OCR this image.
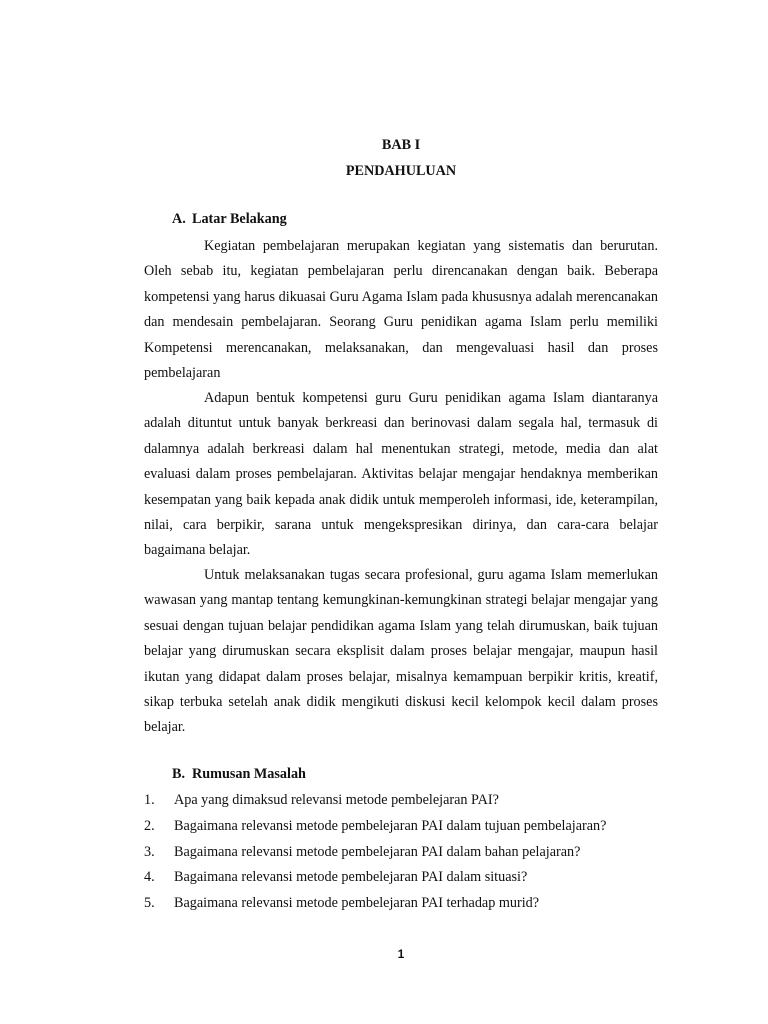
BAB I
PENDAHULUAN
A. Latar Belakang

Kegiatan pembelajaran merupakan kegiatan yang sistematis dan berurutan. Oleh sebab itu, kegiatan pembelajaran perlu direncanakan dengan baik. Beberapa kompetensi yang harus dikuasai Guru Agama Islam pada khususnya adalah merencanakan dan mendesain pembelajaran. Seorang Guru penidikan agama Islam perlu memiliki Kompetensi merencanakan, melaksanakan, dan mengevaluasi hasil dan proses pembelajaran

Adapun bentuk kompetensi guru Guru penidikan agama Islam diantaranya adalah dituntut untuk banyak berkreasi dan berinovasi dalam segala hal, termasuk di dalamnya adalah berkreasi dalam hal menentukan strategi, metode, media dan alat evaluasi dalam proses pembelajaran. Aktivitas belajar mengajar hendaknya memberikan kesempatan yang baik kepada anak didik untuk memperoleh informasi, ide, keterampilan, nilai, cara berpikir, sarana untuk mengekspresikan dirinya, dan cara-cara belajar bagaimana belajar.

Untuk melaksanakan tugas secara profesional, guru agama Islam memerlukan wawasan yang mantap tentang kemungkinan-kemungkinan strategi belajar mengajar yang sesuai dengan tujuan belajar pendidikan agama Islam yang telah dirumuskan, baik tujuan belajar yang dirumuskan secara eksplisit dalam proses belajar mengajar, maupun hasil ikutan yang didapat dalam proses belajar, misalnya kemampuan berpikir kritis, kreatif, sikap terbuka setelah anak didik mengikuti diskusi kecil kelompok kecil dalam proses belajar.

B. Rumusan Masalah
1. Apa yang dimaksud relevansi metode pembelejaran PAI?
2. Bagaimana relevansi metode pembelejaran PAI dalam tujuan pembelajaran?
3. Bagaimana relevansi metode pembelejaran PAI dalam bahan pelajaran?
4. Bagaimana relevansi metode pembelejaran PAI dalam situasi?
5. Bagaimana relevansi metode pembelejaran PAI terhadap murid?
1
